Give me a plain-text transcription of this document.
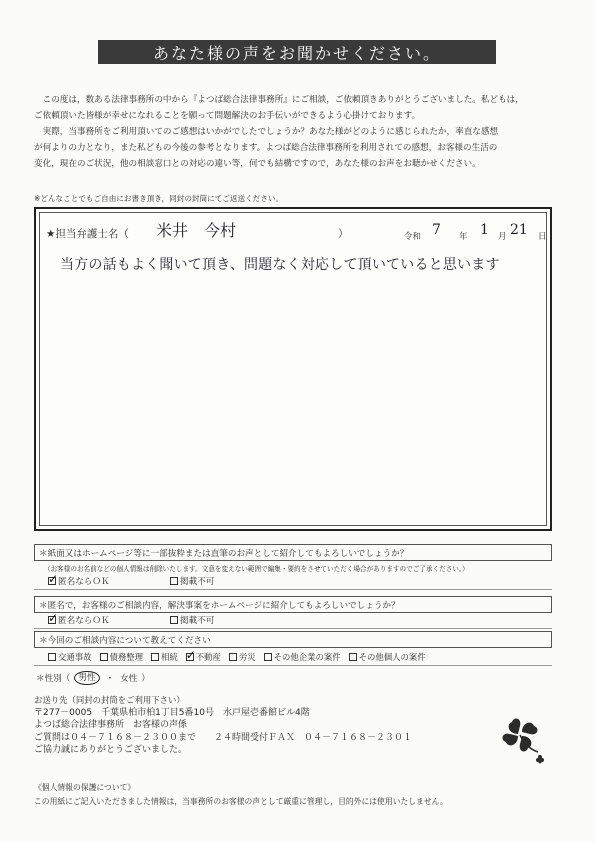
あなた様の声をお聞かせください。

　この度は，数ある法律事務所の中から『よつば総合法律事務所』にご相談，ご依頼頂きありがとうございました。私どもは，

ご依頼頂いた皆様が幸せになれることを願って問題解決のお手伝いができるよう心掛けております。

　実際，当事務所をご利用頂いてのご感想はいかがでしたでしょうか？あなた様がどのように感じられたか，率直な感想

が何よりの力となり，また私どもの今後の参考となります。よつば総合法律事務所を利用されての感想，お客様の生活の

変化，現在のご状況，他の相談窓口との対応の違い等，何でも結構ですので，あなた様のお声をお聴かせください。

※どんなことでもご自由にお書き頂き，同封の封筒にてご返送ください。
★担当弁護士名（ 米井　今村	）	令和 7 年 1 月 21 日
当方の話もよく聞いて頂き、問題なく対応して頂いていると思います
＊紙面又はホームページ等に一部抜粋または直筆のお声として紹介してもよろしいでしょうか？
（お客様のお名前などの個人情報は削除いたします。文意を変えない範囲で編集・要約をさせていただく場合がありますのでご了承ください。）
✓
匿名ならＯＫ	掲載不可
＊匿名で，お客様のご相談内容，解決事案をホームページに紹介してもよろしいでしょうか？
✓
匿名ならＯＫ	掲載不可
＊今回のご相談内容について教えてください
交通事故 債務整理 相続
✓ 不動産 労災 その他企業の案件 その他個人の案件
＊性別（ 男性	・ 女性 ）

お送り先（同封の封筒をご利用下さい）

〒277－0005　千葉県柏市柏1丁目5番10号　水戸屋壱番館ビル4階

よつば総合法律事務所　お客様の声係

ご質問は０４－７１６８－２３００まで　　２４時間受付ＦＡＸ　０４－７１６８－２３０１

ご協力誠にありがとうございました。

《個人情報の保護について》
この用紙にご記入いただきました情報は，当事務所のお客様の声として厳重に管理し，目的外には使用いたしません。
